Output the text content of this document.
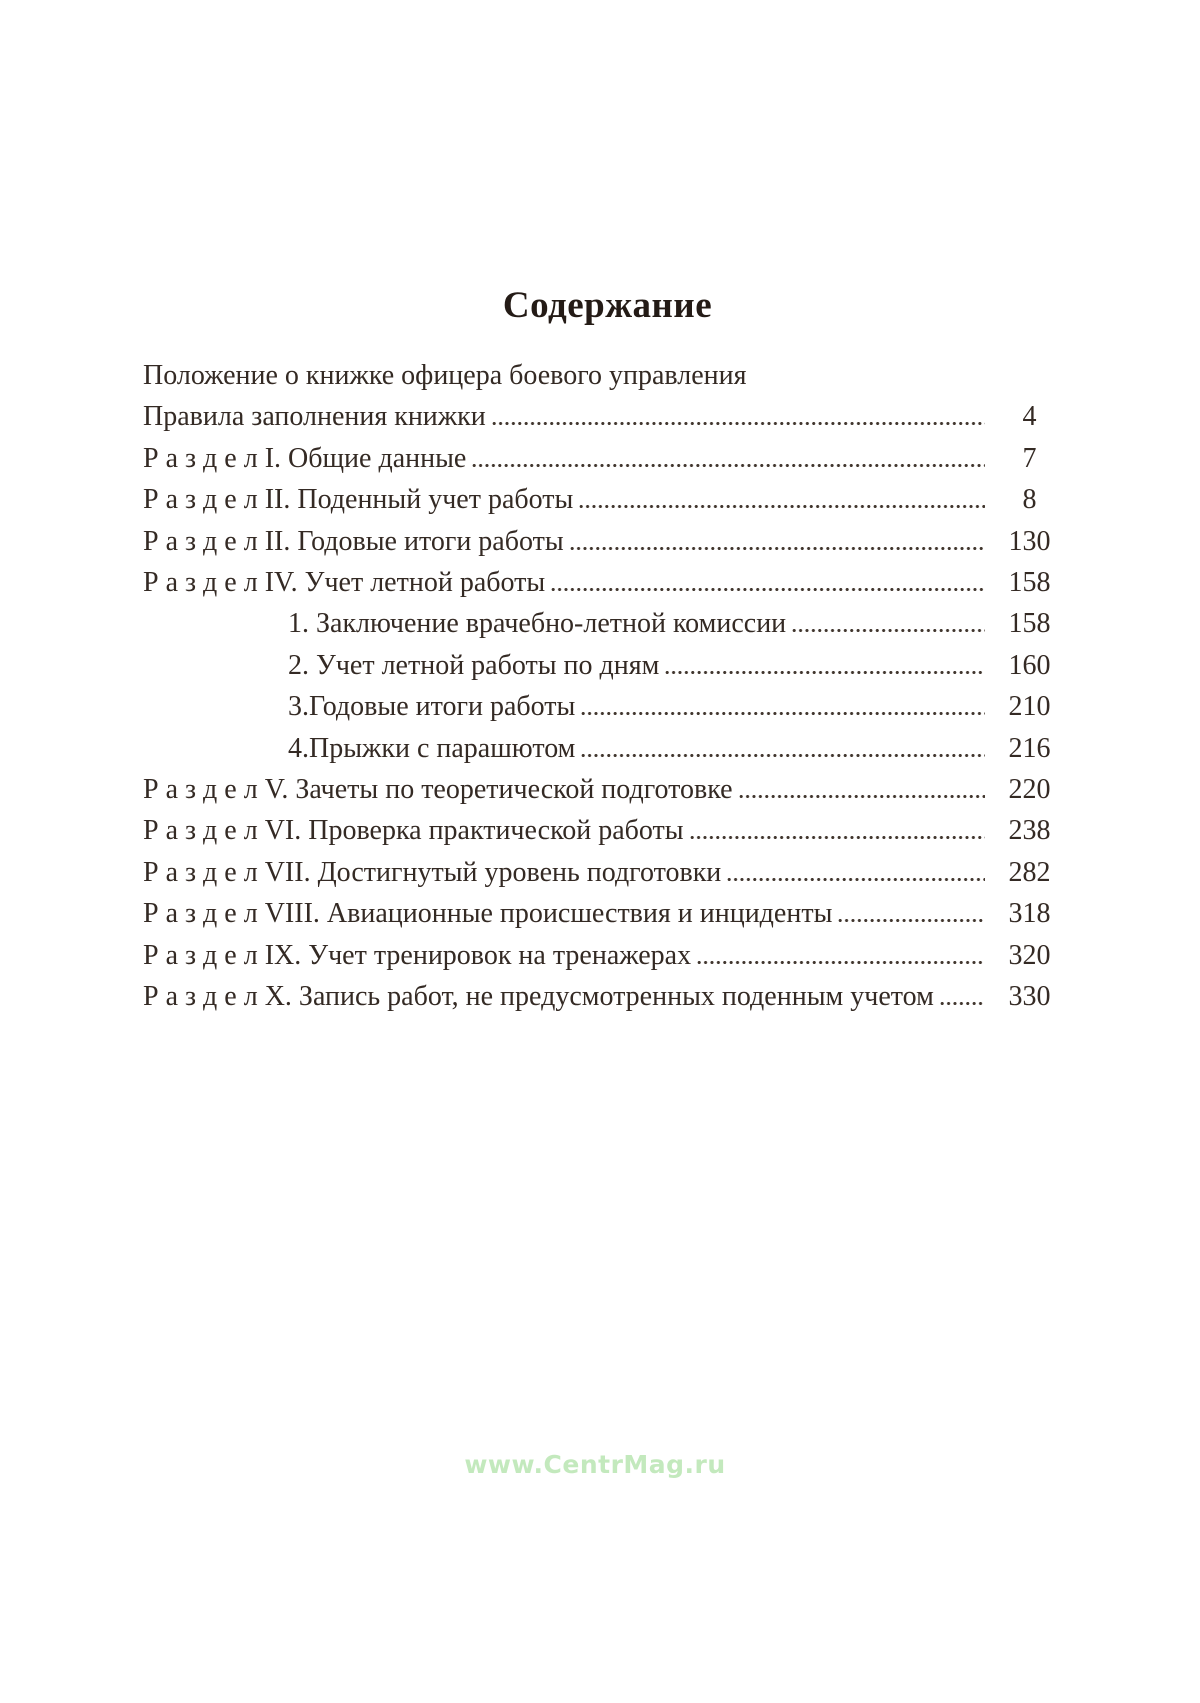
Содержание
Положение о книжке офицера боевого управления
Правила заполнения книжки	4
Р а з д е л I. Общие данные	7
Р а з д е л II. Поденный учет работы	8
Р а з д е л II. Годовые итоги работы	130
Р а з д е л IV. Учет летной работы	158
1. Заключение врачебно-летной комиссии	158
2. Учет летной работы по дням	160
3.Годовые итоги работы	210
4.Прыжки с парашютом	216
Р а з д е л V. Зачеты по теоретической подготовке	220
Р а з д е л VI. Проверка практической работы	238
Р а з д е л VII. Достигнутый уровень подготовки	282
Р а з д е л VIII. Авиационные происшествия и инциденты	318
Р а з д е л IX. Учет тренировок на тренажерах	320
Р а з д е л X. Запись работ, не предусмотренных поденным учетом	330
www.CentrMag.ru
